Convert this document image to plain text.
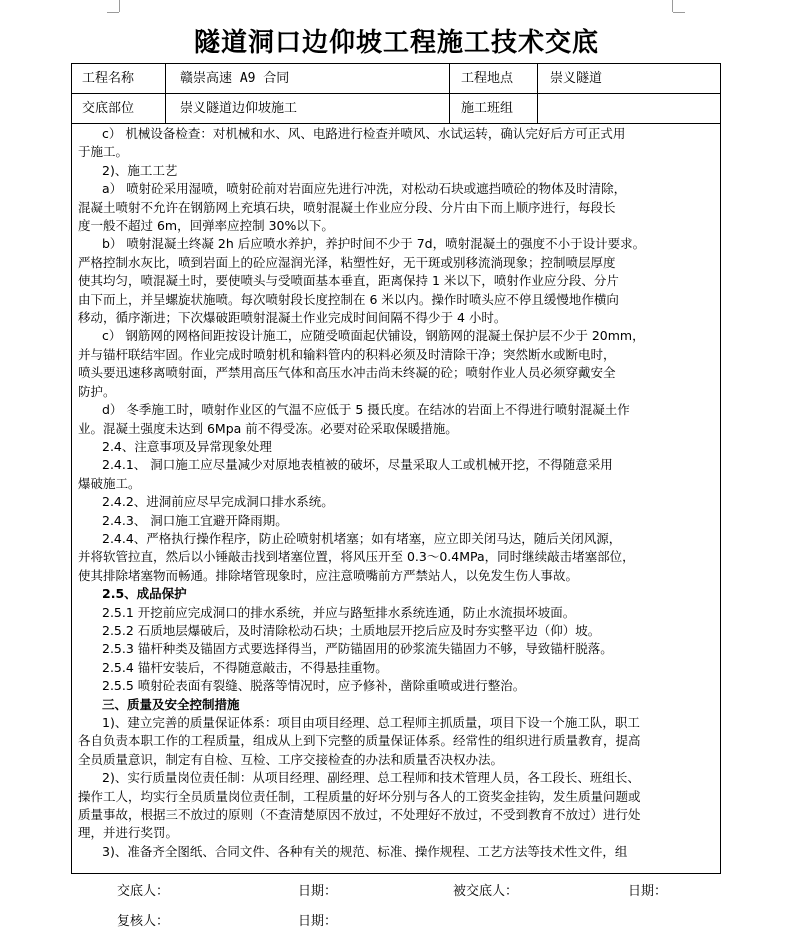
隧道洞口边仰坡工程施工技术交底
工程名称	赣崇高速 A9 合同	工程地点	崇义隧道
交底部位	崇义隧道边仰坡施工	施工班组

c） 机械设备检查：对机械和水、风、电路进行检查并喷风、水试运转，确认完好后方可正式用

于施工。

2)、施工工艺

a） 喷射砼采用湿喷，喷射砼前对岩面应先进行冲洗，对松动石块或遮挡喷砼的物体及时清除，

混凝土喷射不允许在钢筋网上充填石块，喷射混凝土作业应分段、分片由下而上顺序进行，每段长

度一般不超过 6m，回弹率应控制 30%以下。

b） 喷射混凝土终凝 2h 后应喷水养护，养护时间不少于 7d，喷射混凝土的强度不小于设计要求。

严格控制水灰比，喷到岩面上的砼应湿润光泽，粘塑性好，无干斑或别移流淌现象；控制喷层厚度

使其均匀，喷混凝土时，要使喷头与受喷面基本垂直，距离保持 1 米以下，喷射作业应分段、分片

由下而上，并呈螺旋状施喷。每次喷射段长度控制在 6 米以内。操作时喷头应不停且缓慢地作横向

移动，循序渐进；下次爆破距喷射混凝土作业完成时间间隔不得少于 4 小时。

c） 钢筋网的网格间距按设计施工，应随受喷面起伏铺设，钢筋网的混凝土保护层不少于 20mm，

并与锚杆联结牢固。作业完成时喷射机和输料管内的积料必须及时清除干净；突然断水或断电时，

喷头要迅速移离喷射面，严禁用高压气体和高压水冲击尚未终凝的砼；喷射作业人员必须穿戴安全

防护。

d） 冬季施工时，喷射作业区的气温不应低于 5 摄氏度。在结冰的岩面上不得进行喷射混凝土作

业。混凝土强度未达到 6Mpa 前不得受冻。必要对砼采取保暖措施。

2.4、注意事项及异常现象处理

2.4.1、 洞口施工应尽量减少对原地表植被的破坏，尽量采取人工或机械开挖，不得随意采用

爆破施工。

2.4.2、进洞前应尽早完成洞口排水系统。

2.4.3、 洞口施工宜避开降雨期。

2.4.4、严格执行操作程序，防止砼喷射机堵塞；如有堵塞，应立即关闭马达，随后关闭风源，

并将软管拉直，然后以小锤敲击找到堵塞位置，将风压开至 0.3～0.4MPa，同时继续敲击堵塞部位，

使其排除堵塞物而畅通。排除堵管现象时，应注意喷嘴前方严禁站人，以免发生伤人事故。

2.5、成品保护

2.5.1 开挖前应完成洞口的排水系统，并应与路堑排水系统连通，防止水流损坏坡面。

2.5.2 石质地层爆破后，及时清除松动石块；土质地层开挖后应及时夯实整平边（仰）坡。

2.5.3 锚杆种类及锚固方式要选择得当，严防锚固用的砂浆流失锚固力不够，导致锚杆脱落。

2.5.4 锚杆安装后，不得随意敲击，不得悬挂重物。

2.5.5 喷射砼表面有裂缝、脱落等情况时，应予修补，凿除重喷或进行整治。

三、质量及安全控制措施

1)、建立完善的质量保证体系：项目由项目经理、总工程师主抓质量，项目下设一个施工队，职工

各自负责本职工作的工程质量，组成从上到下完整的质量保证体系。经常性的组织进行质量教育，提高

全员质量意识，制定有自检、互检、工序交接检查的办法和质量否决权办法。

2)、实行质量岗位责任制：从项目经理、副经理、总工程师和技术管理人员，各工段长、班组长、

操作工人，均实行全员质量岗位责任制，工程质量的好坏分别与各人的工资奖金挂钩，发生质量问题或

质量事故，根据三不放过的原则（不查清楚原因不放过，不处理好不放过，不受到教育不放过）进行处

理，并进行奖罚。

3)、准备齐全图纸、合同文件、各种有关的规范、标准、操作规程、工艺方法等技术性文件，组

交底人：	日期：	被交底人：	日期：
复核人：	日期：
